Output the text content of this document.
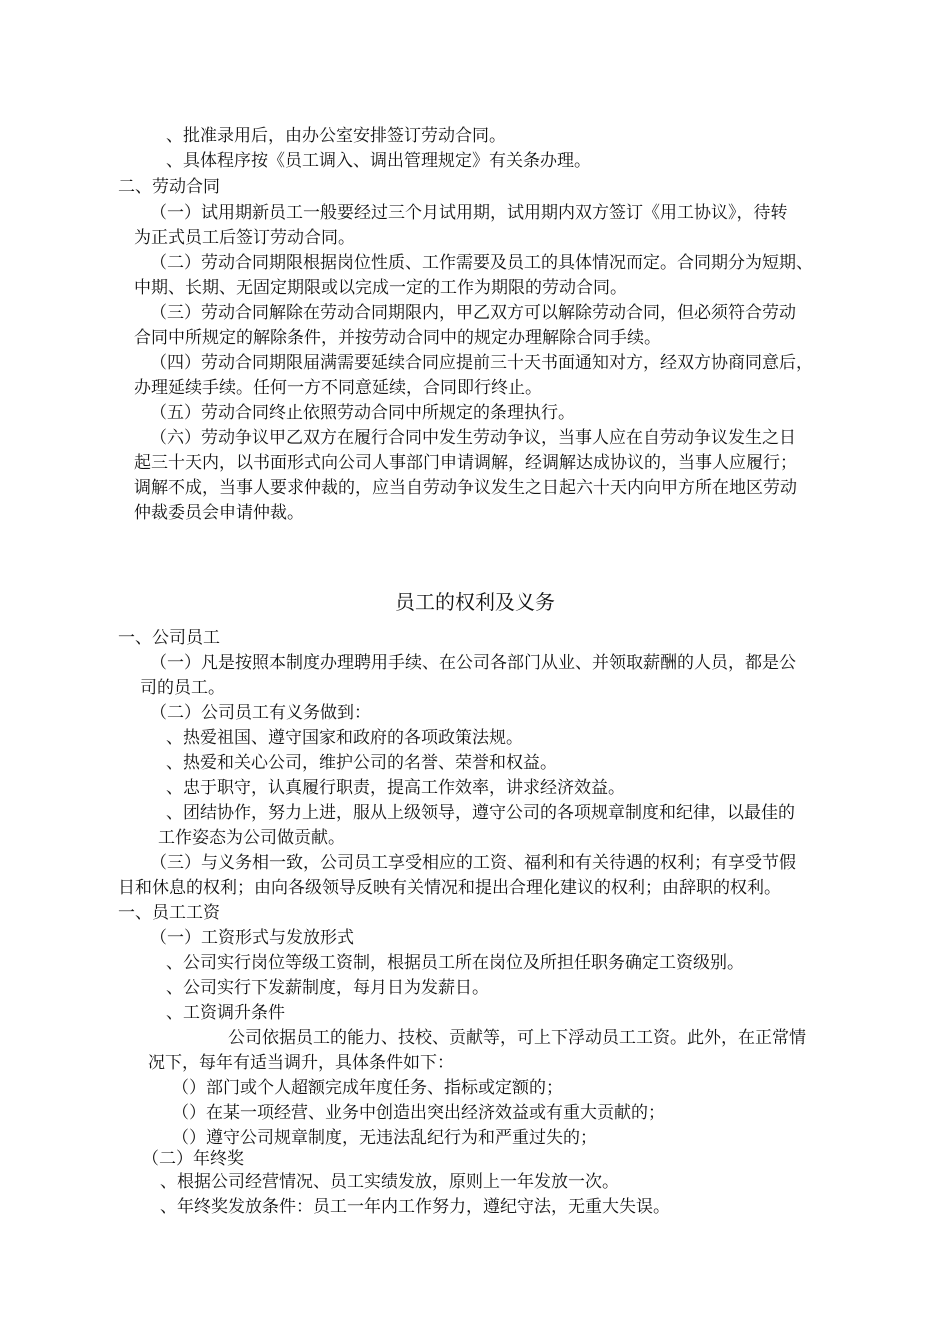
、批准录用后，由办公室安排签订劳动合同。
、具体程序按《员工调入、调出管理规定》有关条办理。
二、劳动合同
（一）试用期新员工一般要经过三个月试用期，试用期内双方签订《用工协议》，待转
为正式员工后签订劳动合同。
（二）劳动合同期限根据岗位性质、工作需要及员工的具体情况而定。合同期分为短期、
中期、长期、无固定期限或以完成一定的工作为期限的劳动合同。
（三）劳动合同解除在劳动合同期限内，甲乙双方可以解除劳动合同，但必须符合劳动
合同中所规定的解除条件，并按劳动合同中的规定办理解除合同手续。
（四）劳动合同期限届满需要延续合同应提前三十天书面通知对方，经双方协商同意后，
办理延续手续。任何一方不同意延续，合同即行终止。
（五）劳动合同终止依照劳动合同中所规定的条理执行。
（六）劳动争议甲乙双方在履行合同中发生劳动争议，当事人应在自劳动争议发生之日
起三十天内，以书面形式向公司人事部门申请调解，经调解达成协议的，当事人应履行；
调解不成，当事人要求仲裁的，应当自劳动争议发生之日起六十天内向甲方所在地区劳动
仲裁委员会申请仲裁。
员工的权利及义务
一、公司员工
（一）凡是按照本制度办理聘用手续、在公司各部门从业、并领取薪酬的人员，都是公
司的员工。
（二）公司员工有义务做到：
、热爱祖国、遵守国家和政府的各项政策法规。
、热爱和关心公司，维护公司的名誉、荣誉和权益。
、忠于职守，认真履行职责，提高工作效率，讲求经济效益。
、团结协作，努力上进，服从上级领导，遵守公司的各项规章制度和纪律，以最佳的
工作姿态为公司做贡献。
（三）与义务相一致，公司员工享受相应的工资、福利和有关待遇的权利；有享受节假
日和休息的权利；由向各级领导反映有关情况和提出合理化建议的权利；由辞职的权利。
一、员工工资
（一）工资形式与发放形式
、公司实行岗位等级工资制，根据员工所在岗位及所担任职务确定工资级别。
、公司实行下发薪制度，每月日为发薪日。
、工资调升条件
公司依据员工的能力、技校、贡献等，可上下浮动员工工资。此外，在正常情
况下，每年有适当调升，具体条件如下：
（）部门或个人超额完成年度任务、指标或定额的；
（）在某一项经营、业务中创造出突出经济效益或有重大贡献的；
（）遵守公司规章制度，无违法乱纪行为和严重过失的；
（二）年终奖
、根据公司经营情况、员工实绩发放，原则上一年发放一次。
、年终奖发放条件：员工一年内工作努力，遵纪守法，无重大失误。
